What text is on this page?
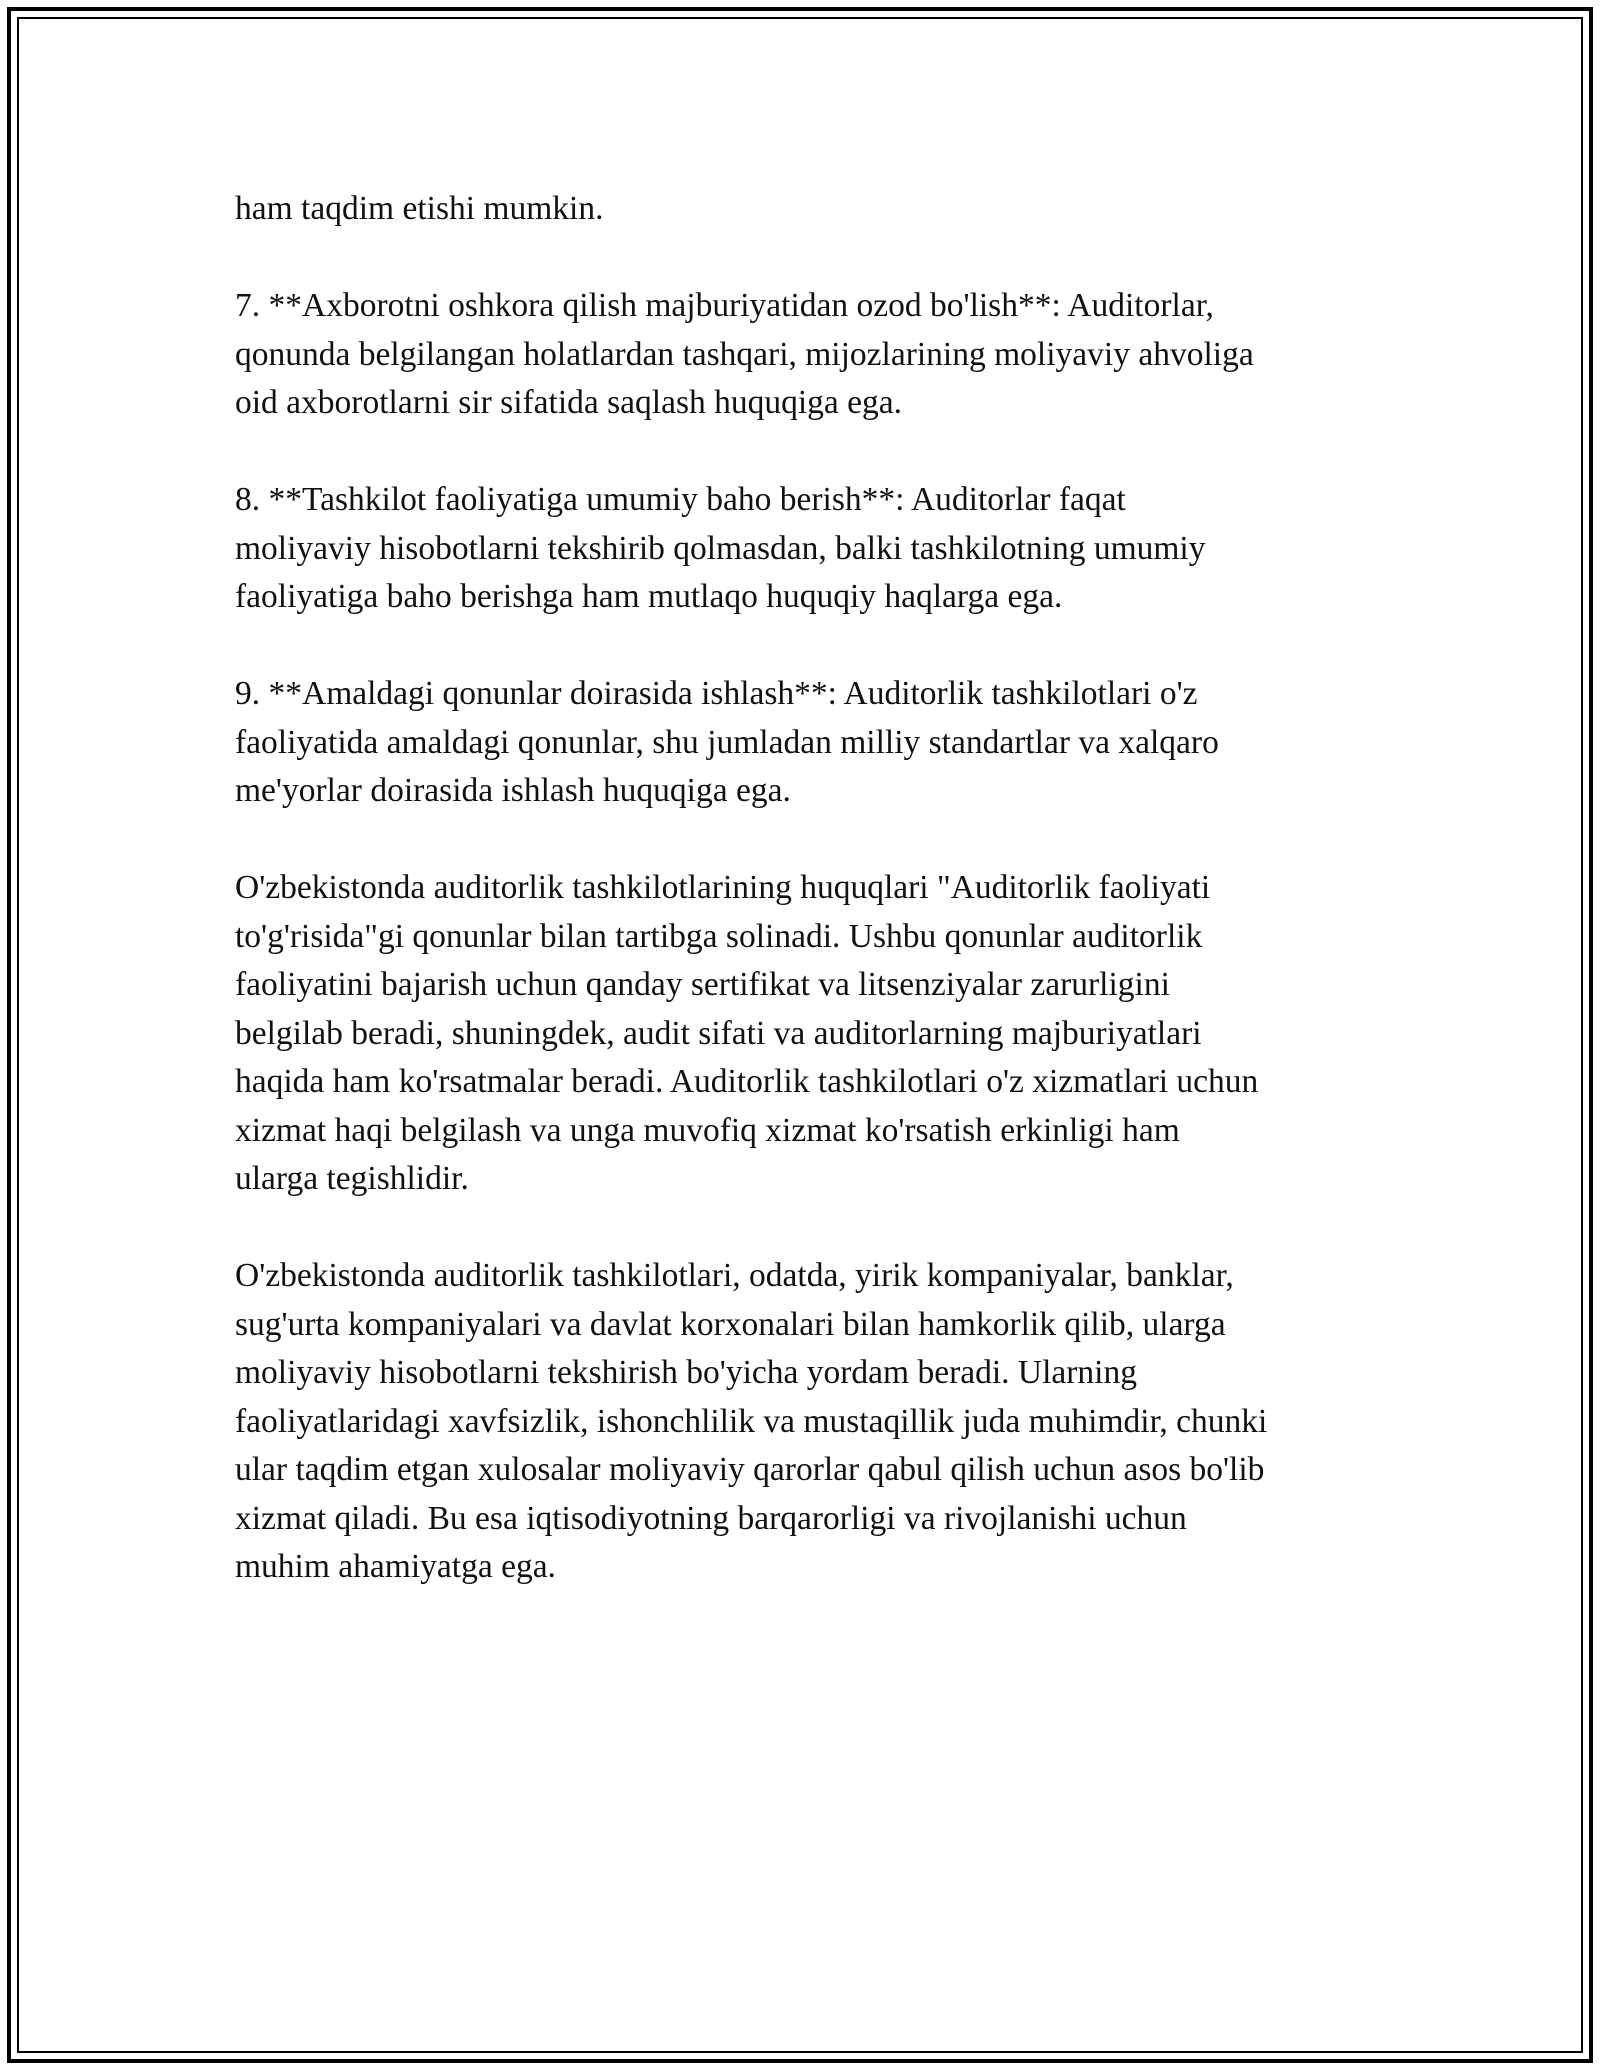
ham taqdim etishi mumkin.

7. **Axborotni oshkora qilish majburiyatidan ozod bo'lish**: Auditorlar,
qonunda belgilangan holatlardan tashqari, mijozlarining moliyaviy ahvoliga
oid axborotlarni sir sifatida saqlash huquqiga ega.

8. **Tashkilot faoliyatiga umumiy baho berish**: Auditorlar faqat
moliyaviy hisobotlarni tekshirib qolmasdan, balki tashkilotning umumiy
faoliyatiga baho berishga ham mutlaqo huquqiy haqlarga ega.

9. **Amaldagi qonunlar doirasida ishlash**: Auditorlik tashkilotlari o'z
faoliyatida amaldagi qonunlar, shu jumladan milliy standartlar va xalqaro
me'yorlar doirasida ishlash huquqiga ega.

O'zbekistonda auditorlik tashkilotlarining huquqlari "Auditorlik faoliyati
to'g'risida"gi qonunlar bilan tartibga solinadi. Ushbu qonunlar auditorlik
faoliyatini bajarish uchun qanday sertifikat va litsenziyalar zarurligini
belgilab beradi, shuningdek, audit sifati va auditorlarning majburiyatlari
haqida ham ko'rsatmalar beradi. Auditorlik tashkilotlari o'z xizmatlari uchun
xizmat haqi belgilash va unga muvofiq xizmat ko'rsatish erkinligi ham
ularga tegishlidir.

O'zbekistonda auditorlik tashkilotlari, odatda, yirik kompaniyalar, banklar,
sug'urta kompaniyalari va davlat korxonalari bilan hamkorlik qilib, ularga
moliyaviy hisobotlarni tekshirish bo'yicha yordam beradi. Ularning
faoliyatlaridagi xavfsizlik, ishonchlilik va mustaqillik juda muhimdir, chunki
ular taqdim etgan xulosalar moliyaviy qarorlar qabul qilish uchun asos bo'lib
xizmat qiladi. Bu esa iqtisodiyotning barqarorligi va rivojlanishi uchun
muhim ahamiyatga ega.
